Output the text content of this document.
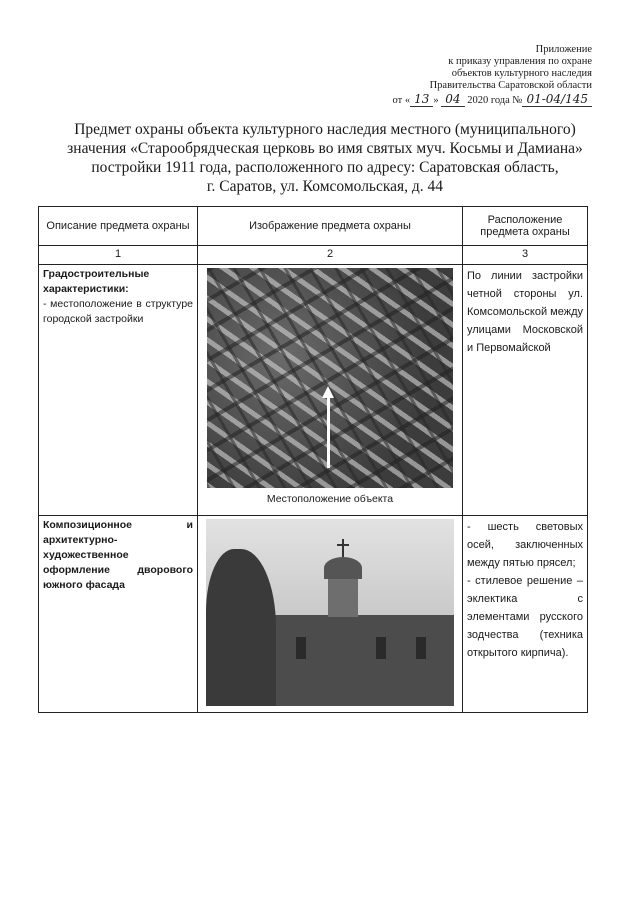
Приложение
к приказу управления по охране
объектов культурного наследия
Правительства Саратовской области
от « 13 » 04 2020 года № 01-04/145
Предмет охраны объекта культурного наследия местного (муниципального)
значения «Старообрядческая церковь во имя святых муч. Косьмы и Дамиана»
постройки 1911 года, расположенного по адресу: Саратовская область,
г. Саратов, ул. Комсомольская, д. 44
Описание предмета охраны	Изображение предмета охраны	Расположение предмета охраны
1	2	3

Градостроительные характеристики:
- местоположение в структуре городской застройки	Местоположение объекта	По линии застройки четной стороны ул. Комсомольской между улицами Московской и Первомайской

Композиционное и архитектурно-художественное оформление дворового южного фасада		- шесть световых осей, заключенных между пятью прясел;
- стилевое решение – эклектика с элементами русского зодчества (техника открытого кирпича).
